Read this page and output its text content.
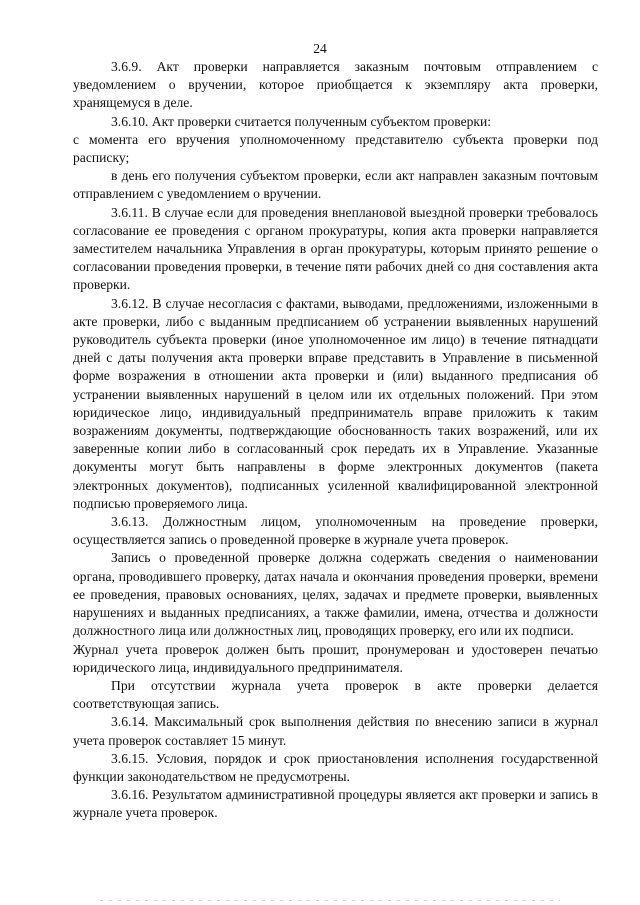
24

3.6.9. Акт проверки направляется заказным почтовым отправлением с уведомлением о вручении, которое приобщается к экземпляру акта проверки, хранящемуся в деле.

3.6.10. Акт проверки считается полученным субъектом проверки:

с момента его вручения уполномоченному представителю субъекта проверки под расписку;

в день его получения субъектом проверки, если акт направлен заказным почтовым отправлением с уведомлением о вручении.

3.6.11. В случае если для проведения внеплановой выездной проверки требовалось согласование ее проведения с органом прокуратуры, копия акта проверки направляется заместителем начальника Управления в орган прокуратуры, которым принято решение о согласовании проведения проверки, в течение пяти рабочих дней со дня составления акта проверки.

3.6.12. В случае несогласия с фактами, выводами, предложениями, изложенными в акте проверки, либо с выданным предписанием об устранении выявленных нарушений руководитель субъекта проверки (иное уполномоченное им лицо) в течение пятнадцати дней с даты получения акта проверки вправе представить в Управление в письменной форме возражения в отношении акта проверки и (или) выданного предписания об устранении выявленных нарушений в целом или их отдельных положений. При этом юридическое лицо, индивидуальный предприниматель вправе приложить к таким возражениям документы, подтверждающие обоснованность таких возражений, или их заверенные копии либо в согласованный срок передать их в Управление. Указанные документы могут быть направлены в форме электронных документов (пакета электронных документов), подписанных усиленной квалифицированной электронной подписью проверяемого лица.

3.6.13. Должностным лицом, уполномоченным на проведение проверки, осуществляется запись о проведенной проверке в журнале учета проверок.

Запись о проведенной проверке должна содержать сведения о наименовании органа, проводившего проверку, датах начала и окончания проведения проверки, времени ее проведения, правовых основаниях, целях, задачах и предмете проверки, выявленных нарушениях и выданных предписаниях, а также фамилии, имена, отчества и должности должностного лица или должностных лиц, проводящих проверку, его или их подписи.

Журнал учета проверок должен быть прошит, пронумерован и удостоверен печатью юридического лица, индивидуального предпринимателя.

При отсутствии журнала учета проверок в акте проверки делается соответствующая запись.

3.6.14. Максимальный срок выполнения действия по внесению записи в журнал учета проверок составляет 15 минут.

3.6.15. Условия, порядок и срок приостановления исполнения государственной функции законодательством не предусмотрены.

3.6.16. Результатом административной процедуры является акт проверки и запись в журнале учета проверок.
